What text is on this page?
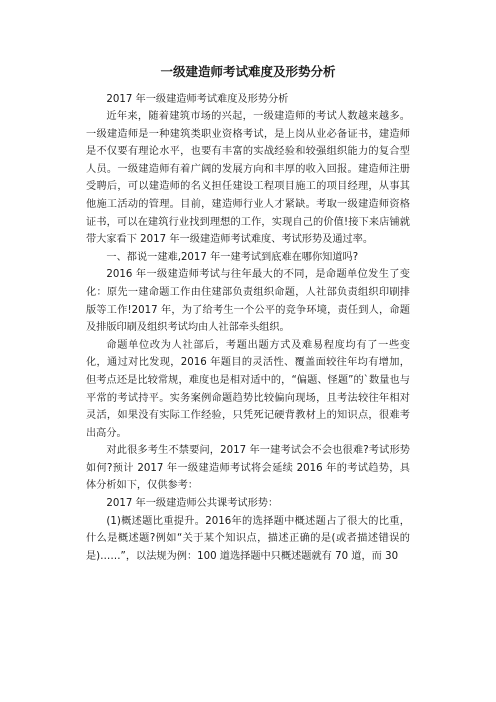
一级建造师考试难度及形势分析

2017 年一级建造师考试难度及形势分析

近年来，随着建筑市场的兴起，一级建造师的考试人数越来越多。一级建造师是一种建筑类职业资格考试，是上岗从业必备证书，建造师是不仅要有理论水平，也要有丰富的实战经验和较强组织能力的复合型人员。一级建造师有着广阔的发展方向和丰厚的收入回报。建造师注册受聘后，可以建造师的名义担任建设工程项目施工的项目经理，从事其他施工活动的管理。目前，建造师行业人才紧缺。考取一级建造师资格证书，可以在建筑行业找到理想的工作，实现自己的价值!接下来店铺就带大家看下 2017 年一级建造师考试难度、考试形势及通过率。

一、都说一建难,2017 年一建考试到底难在哪你知道吗?

2016 年一级建造师考试与往年最大的不同，是命题单位发生了变化：原先一建命题工作由住建部负责组织命题，人社部负责组织印刷排版等工作!2017 年，为了给考生一个公平的竞争环境，责任到人，命题及排版印刷及组织考试均由人社部牵头组织。

命题单位改为人社部后，考题出题方式及难易程度均有了一些变化，通过对比发现，2016 年题目的灵活性、覆盖面较往年均有增加，但考点还是比较常规，难度也是相对适中的，“偏题、怪题”的`数量也与平常的考试持平。实务案例命题趋势比较偏向现场，且考法较往年相对灵活，如果没有实际工作经验，只凭死记硬背教材上的知识点，很难考出高分。

对此很多考生不禁要问，2017 年一建考试会不会也很难?考试形势如何?预计 2017 年一级建造师考试将会延续 2016 年的考试趋势，具体分析如下，仅供参考：

2017 年一级建造师公共课考试形势：

(1)概述题比重提升。2016年的选择题中概述题占了很大的比重，什么是概述题?例如“关于某个知识点，描述正确的是(或者描述错误的是)……”，以法规为例：100 道选择题中只概述题就有 70 道，而 30
